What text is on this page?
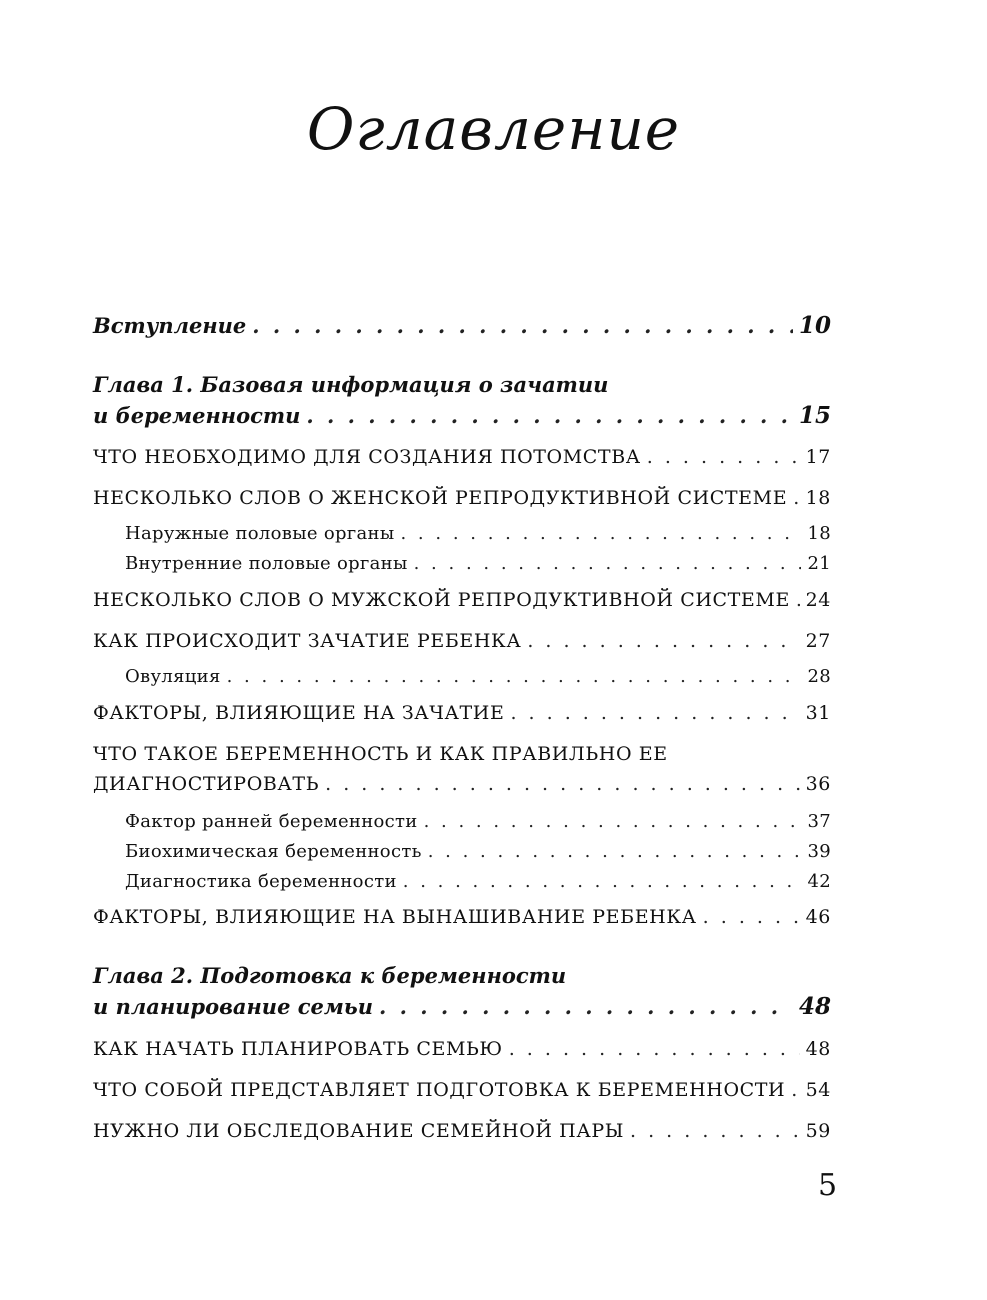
Оглавление
Вступление . . .	10
Глава 1. Базовая информация о зачатии
и беременности . . .	15
ЧТО НЕОБХОДИМО ДЛЯ СОЗДАНИЯ ПОТОМСТВА . . .	17
НЕСКОЛЬКО СЛОВ О ЖЕНСКОЙ РЕПРОДУКТИВНОЙ СИСТЕМЕ . . . 18
Наружные половые органы . . .	18
Внутренние половые органы . . .	21
НЕСКОЛЬКО СЛОВ О МУЖСКОЙ РЕПРОДУКТИВНОЙ СИСТЕМЕ . . . 24
КАК ПРОИСХОДИТ ЗАЧАТИЕ РЕБЕНКА . . .	27
Овуляция . . .	28
ФАКТОРЫ, ВЛИЯЮЩИЕ НА ЗАЧАТИЕ . . .	31
ЧТО ТАКОЕ БЕРЕМЕННОСТЬ И КАК ПРАВИЛЬНО ЕЕ
ДИАГНОСТИРОВАТЬ . . .	36
Фактор ранней беременности . . .	37
Биохимическая беременность . . .	39
Диагностика беременности . . .	42
ФАКТОРЫ, ВЛИЯЮЩИЕ НА ВЫНАШИВАНИЕ РЕБЕНКА . . .	46
Глава 2. Подготовка к беременности
и планирование семьи . . .	48
КАК НАЧАТЬ ПЛАНИРОВАТЬ СЕМЬЮ . . .	48
ЧТО СОБОЙ ПРЕДСТАВЛЯЕТ ПОДГОТОВКА К БЕРЕМЕННОСТИ . . . 54
НУЖНО ЛИ ОБСЛЕДОВАНИЕ СЕМЕЙНОЙ ПАРЫ . . .	59
5
